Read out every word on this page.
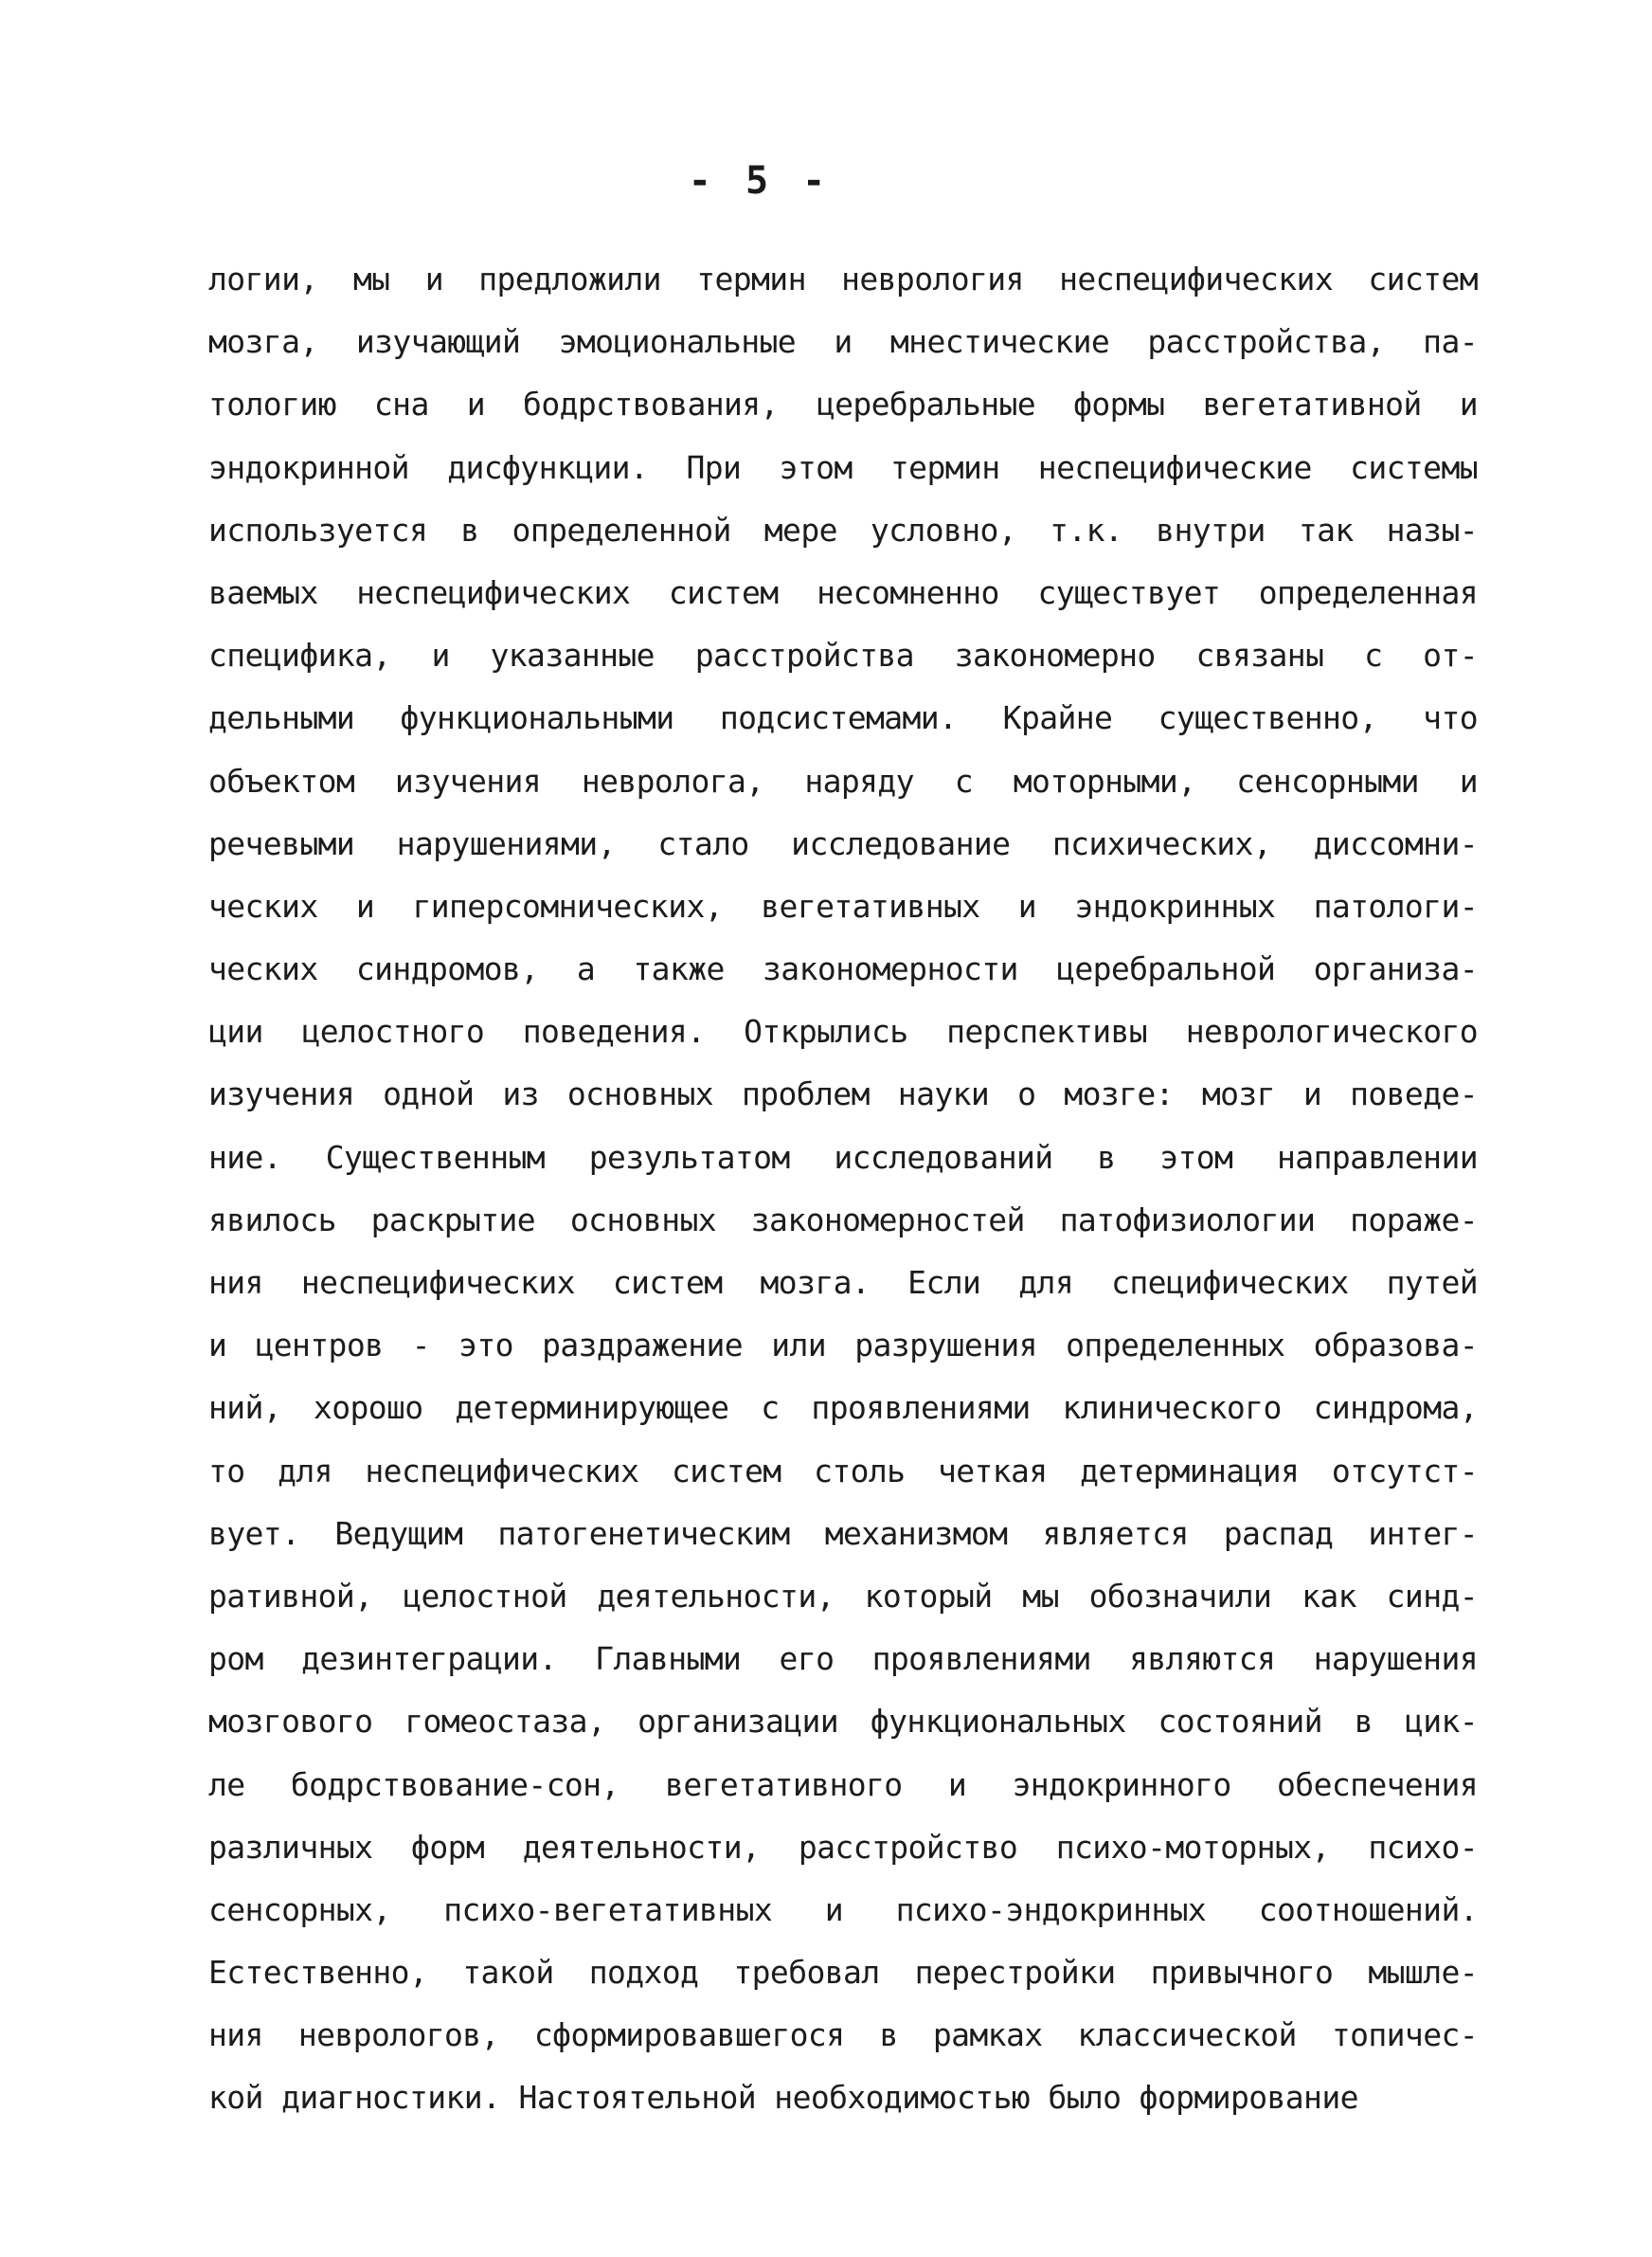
- 5 -
логии, мы и предложили термин неврология неспецифических систем
мозга, изучающий эмоциональные и мнестические расстройства, па-
тологию сна и бодрствования, церебральные формы вегетативной и
эндокринной дисфункции. При этом термин неспецифические системы
используется в определенной мере условно, т.к. внутри так назы-
ваемых неспецифических систем несомненно существует определенная
специфика, и указанные расстройства закономерно связаны с от-
дельными функциональными подсистемами. Крайне существенно, что
объектом изучения невролога, наряду с моторными, сенсорными и
речевыми нарушениями, стало исследование психических, диссомни-
ческих и гиперсомнических, вегетативных и эндокринных патологи-
ческих синдромов, а также закономерности церебральной организа-
ции целостного поведения. Открылись перспективы неврологического
изучения одной из основных проблем науки о мозге: мозг и поведе-
ние. Существенным результатом исследований в этом направлении
явилось раскрытие основных закономерностей патофизиологии пораже-
ния неспецифических систем мозга. Если для специфических путей
и центров - это раздражение или разрушения определенных образова-
ний, хорошо детерминирующее с проявлениями клинического синдрома,
то для неспецифических систем столь четкая детерминация отсутст-
вует. Ведущим патогенетическим механизмом является распад интег-
ративной, целостной деятельности, который мы обозначили как синд-
ром дезинтеграции. Главными его проявлениями являются нарушения
мозгового гомеостаза, организации функциональных состояний в цик-
ле бодрствование-сон, вегетативного и эндокринного обеспечения
различных форм деятельности, расстройство психо-моторных, психо-
сенсорных, психо-вегетативных и психо-эндокринных соотношений.
Естественно, такой подход требовал перестройки привычного мышле-
ния неврологов, сформировавшегося в рамках классической топичес-
кой диагностики. Настоятельной необходимостью было формирование
